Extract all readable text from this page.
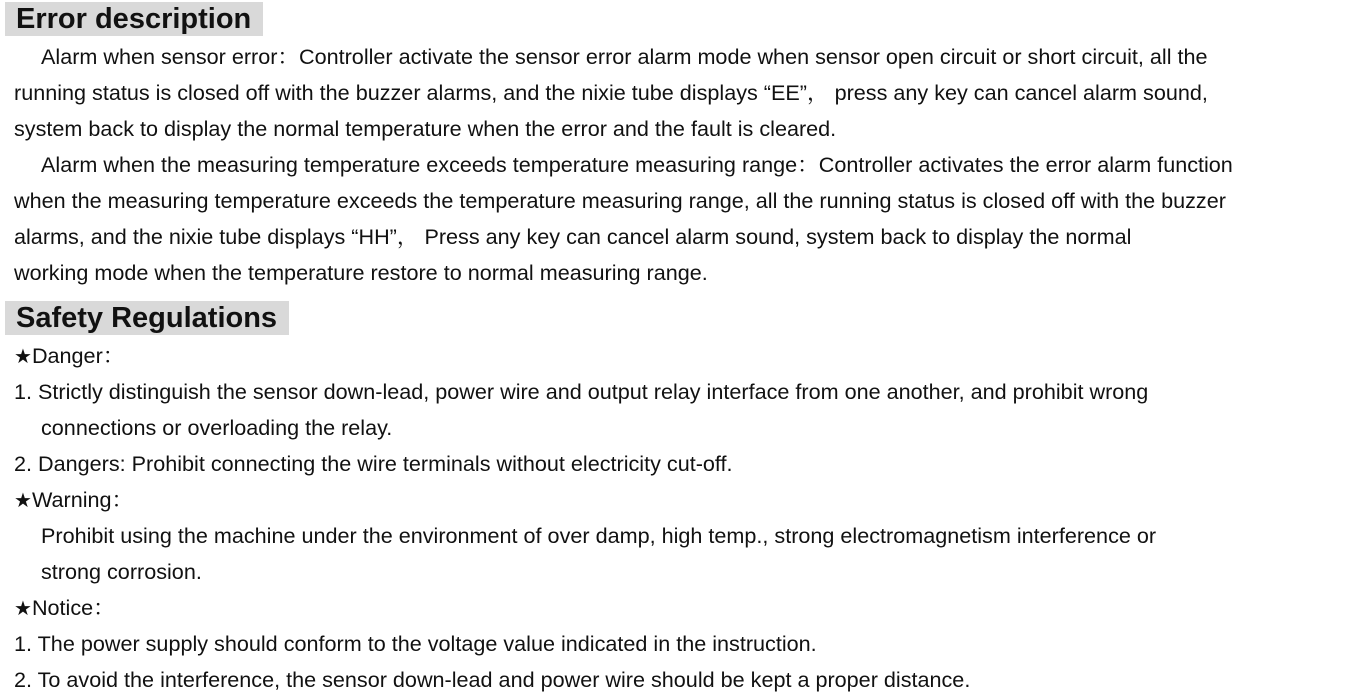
Error description
Alarm when sensor error：Controller activate the sensor error alarm mode when sensor open circuit or short circuit, all the
running status is closed off with the buzzer alarms, and the nixie tube displays “EE”， press any key can cancel alarm sound,
system back to display the normal temperature when the error and the fault is cleared.
Alarm when the measuring temperature exceeds temperature measuring range：Controller activates the error alarm function
when the measuring temperature exceeds the temperature measuring range, all the running status is closed off with the buzzer
alarms, and the nixie tube displays “HH”， Press any key can cancel alarm sound, system back to display the normal
working mode when the temperature restore to normal measuring range.
Safety Regulations
★Danger：
1. Strictly distinguish the sensor down-lead, power wire and output relay interface from one another, and prohibit wrong
connections or overloading the relay.
2. Dangers: Prohibit connecting the wire terminals without electricity cut-off.
★Warning：
Prohibit using the machine under the environment of over damp, high temp., strong electromagnetism interference or
strong corrosion.
★Notice：
1. The power supply should conform to the voltage value indicated in the instruction.
2. To avoid the interference, the sensor down-lead and power wire should be kept a proper distance.
